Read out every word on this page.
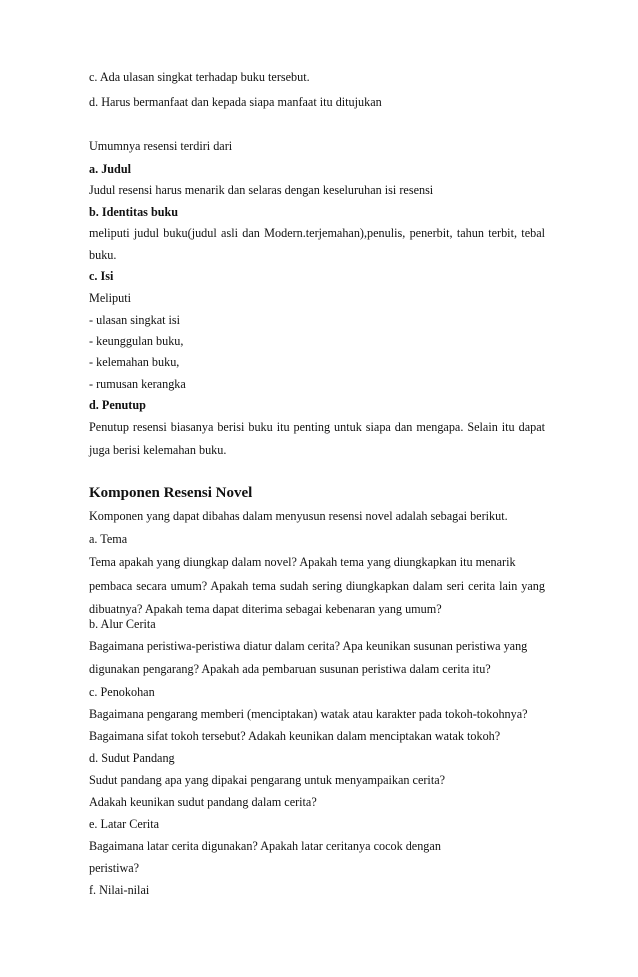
c. Ada ulasan singkat terhadap buku tersebut.
d. Harus bermanfaat dan kepada siapa manfaat itu ditujukan
Umumnya resensi terdiri dari
a. Judul
Judul resensi harus menarik dan selaras dengan keseluruhan isi resensi
b. Identitas buku
meliputi judul buku(judul asli dan Modern.terjemahan),penulis, penerbit, tahun terbit, tebal
buku.
c. Isi
Meliputi
- ulasan singkat isi
- keunggulan buku,
- kelemahan buku,
- rumusan kerangka
d. Penutup
Penutup resensi biasanya berisi buku itu penting untuk siapa dan mengapa. Selain itu dapat
juga berisi kelemahan buku.
Komponen Resensi Novel
Komponen yang dapat dibahas dalam menyusun resensi novel adalah sebagai berikut.
a. Tema
Tema apakah yang diungkap dalam novel? Apakah tema yang diungkapkan itu menarik
pembaca secara umum? Apakah tema sudah sering diungkapkan dalam seri cerita lain yang
dibuatnya? Apakah tema dapat diterima sebagai kebenaran yang umum?
b. Alur Cerita
Bagaimana peristiwa-peristiwa diatur dalam cerita? Apa keunikan susunan peristiwa yang
digunakan pengarang? Apakah ada pembaruan susunan peristiwa dalam cerita itu?
c. Penokohan
Bagaimana pengarang memberi (menciptakan) watak atau karakter pada tokoh-tokohnya?
Bagaimana sifat tokoh tersebut? Adakah keunikan dalam menciptakan watak tokoh?
d. Sudut Pandang
Sudut pandang apa yang dipakai pengarang untuk menyampaikan cerita?
Adakah keunikan sudut pandang dalam cerita?
e. Latar Cerita
Bagaimana latar cerita digunakan? Apakah latar ceritanya cocok dengan
peristiwa?
f. Nilai-nilai
